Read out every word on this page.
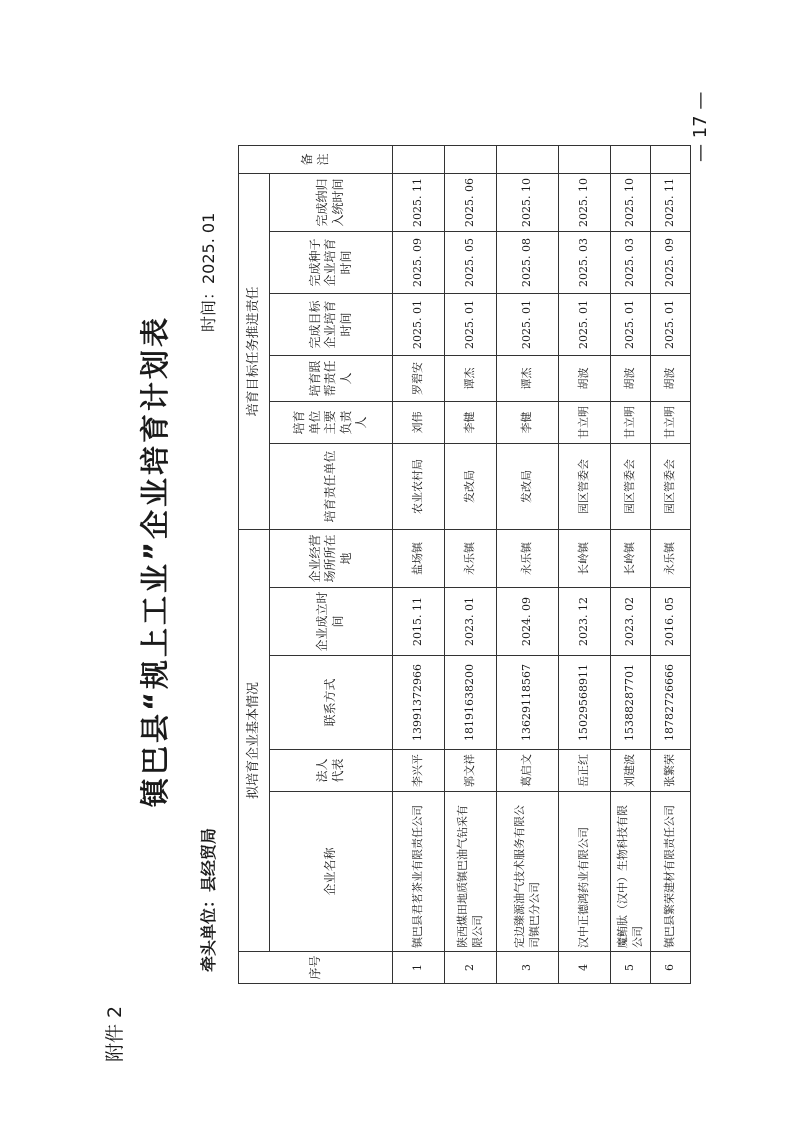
附件 2
镇巴县“规上工业”企业培育计划表
牵头单位：县经贸局
时间：2025. 01
序号	拟培育企业基本情况					培育目标任务推进责任						备注
	企业名称	法人代表	联系方式	企业成立时间	企业经营场所所在地	培育责任单位	培育单位主要负责人	培育跟帮责任人	完成目标企业培育时间	完成种子企业培育时间	完成纳归入统时间	
1	镇巴县君茗茶业有限责任公司	李兴平	13991372966	2015. 11	盐场镇	农业农村局	刘伟	罗碧安	2025. 01	2025. 09	2025. 11	
2	陕西煤田地质镇巴油气钻采有限公司	郭文祥	18191638200	2023. 01	永乐镇	发改局	李健	谭杰	2025. 01	2025. 05	2025. 06	
3	定边臻源油气技术服务有限公司镇巴分公司	葛启文	13629118567	2024. 09	永乐镇	发改局	李健	谭杰	2025. 01	2025. 08	2025. 10	
4	汉中正德鸿药业有限公司	岳正红	15029568911	2023. 12	长岭镇	园区管委会	甘立明	胡波	2025. 01	2025. 03	2025. 10	
5	魔鲔肽（汉中）生物科技有限公司	刘建波	15388287701	2023. 02	长岭镇	园区管委会	甘立明	胡波	2025. 01	2025. 03	2025. 10	
6	镇巴县繁荣建材有限责任公司	张繁荣	18782726666	2016. 05	永乐镇	园区管委会	甘立明	胡波	2025. 01	2025. 09	2025. 11	
— 17 —
